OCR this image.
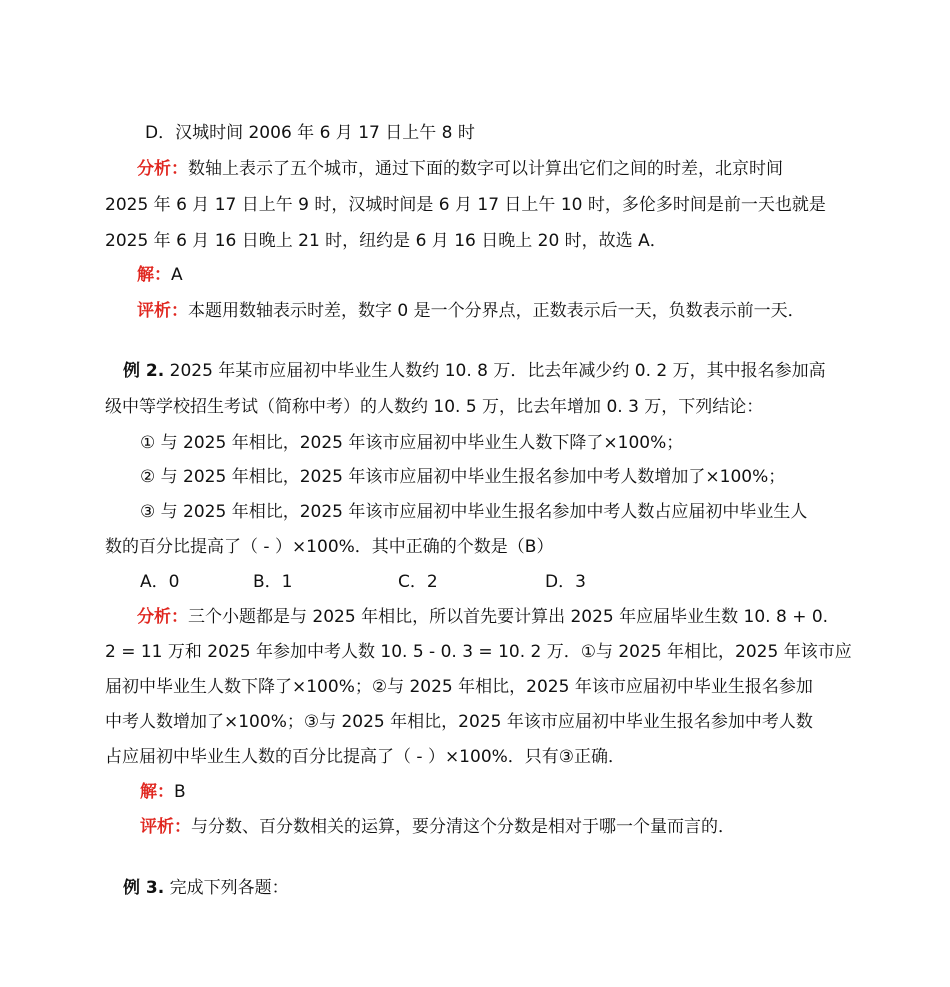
D．汉城时间 2006 年 6 月 17 日上午 8 时
分析：数轴上表示了五个城市，通过下面的数字可以计算出它们之间的时差，北京时间
2025 年 6 月 17 日上午 9 时，汉城时间是 6 月 17 日上午 10 时，多伦多时间是前一天也就是
2025 年 6 月 16 日晚上 21 时，纽约是 6 月 16 日晚上 20 时，故选 A．
解：A
评析：本题用数轴表示时差，数字 0 是一个分界点，正数表示后一天，负数表示前一天．
例 2. 2025 年某市应届初中毕业生人数约 10. 8 万．比去年减少约 0. 2 万，其中报名参加高
级中等学校招生考试（简称中考）的人数约 10. 5 万，比去年增加 0. 3 万，下列结论：
① 与 2025 年相比，2025 年该市应届初中毕业生人数下降了×100%；
② 与 2025 年相比，2025 年该市应届初中毕业生报名参加中考人数增加了×100%；
③ 与 2025 年相比，2025 年该市应届初中毕业生报名参加中考人数占应届初中毕业生人
数的百分比提高了（ - ）×100%．其中正确的个数是（B）
A．0	B．1	C．2	D．3
分析：三个小题都是与 2025 年相比，所以首先要计算出 2025 年应届毕业生数 10. 8 + 0.
2 = 11 万和 2025 年参加中考人数 10. 5 - 0. 3 = 10. 2 万．①与 2025 年相比，2025 年该市应
届初中毕业生人数下降了×100%；②与 2025 年相比，2025 年该市应届初中毕业生报名参加
中考人数增加了×100%；③与 2025 年相比，2025 年该市应届初中毕业生报名参加中考人数
占应届初中毕业生人数的百分比提高了（ - ）×100%．只有③正确．
解：B
评析：与分数、百分数相关的运算，要分清这个分数是相对于哪一个量而言的．
例 3. 完成下列各题：
